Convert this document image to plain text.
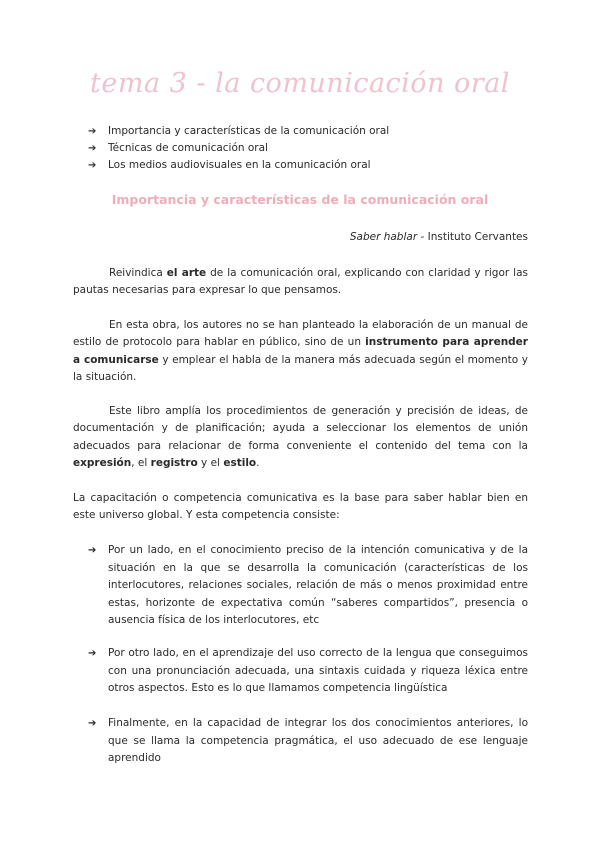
tema 3 - la comunicación oral
➔ Importancia y características de la comunicación oral
➔ Técnicas de comunicación oral
➔ Los medios audiovisuales en la comunicación oral
Importancia y características de la comunicación oral
Saber hablar - Instituto Cervantes

Reivindica el arte de la comunicación oral, explicando con claridad y rigor las pautas necesarias para expresar lo que pensamos.

En esta obra, los autores no se han planteado la elaboración de un manual de estilo de protocolo para hablar en público, sino de un instrumento para aprender a comunicarse y emplear el habla de la manera más adecuada según el momento y la situación.

Este libro amplía los procedimientos de generación y precisión de ideas, de documentación y de planificación; ayuda a seleccionar los elementos de unión adecuados para relacionar de forma conveniente el contenido del tema con la expresión, el registro y el estilo.

La capacitación o competencia comunicativa es la base para saber hablar bien en este universo global. Y esta competencia consiste:

➔	Por un lado, en el conocimiento preciso de la intención comunicativa y de la situación en la que se desarrolla la comunicación (características de los interlocutores, relaciones sociales, relación de más o menos proximidad entre estas, horizonte de expectativa común “saberes compartidos”, presencia o ausencia física de los interlocutores, etc
➔	Por otro lado, en el aprendizaje del uso correcto de la lengua que conseguimos con una pronunciación adecuada, una sintaxis cuidada y riqueza léxica entre otros aspectos. Esto es lo que llamamos competencia lingüística
➔	Finalmente, en la capacidad de integrar los dos conocimientos anteriores, lo que se llama la competencia pragmática, el uso adecuado de ese lenguaje aprendido
